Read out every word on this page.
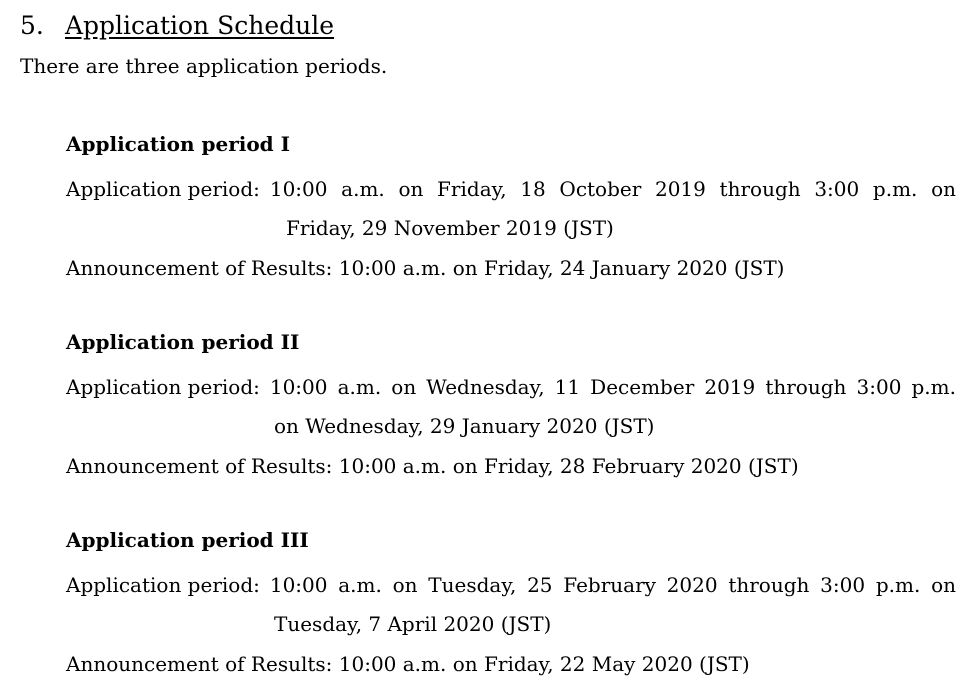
5. Application Schedule
There are three application periods.
Application period I
Application period: 10:00 a.m. on Friday, 18 October 2019 through 3:00 p.m. on
Friday, 29 November 2019 (JST)
Announcement of Results: 10:00 a.m. on Friday, 24 January 2020 (JST)
Application period II
Application period: 10:00 a.m. on Wednesday, 11 December 2019 through 3:00 p.m.
on Wednesday, 29 January 2020 (JST)
Announcement of Results: 10:00 a.m. on Friday, 28 February 2020 (JST)
Application period III
Application period: 10:00 a.m. on Tuesday, 25 February 2020 through 3:00 p.m. on
Tuesday, 7 April 2020 (JST)
Announcement of Results: 10:00 a.m. on Friday, 22 May 2020 (JST)
